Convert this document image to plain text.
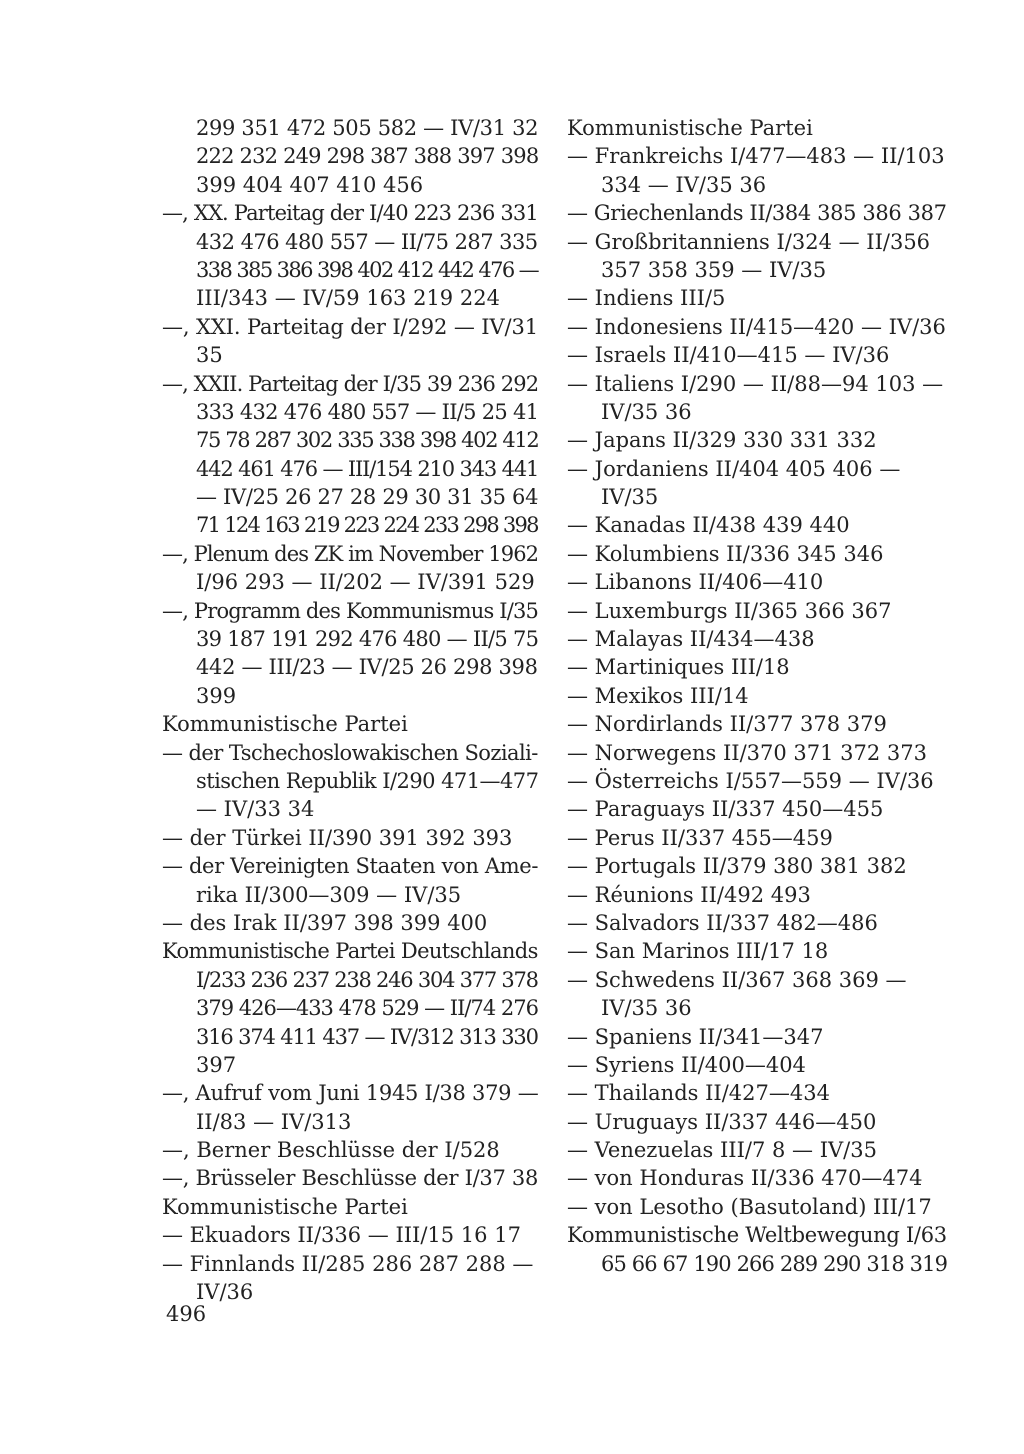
299 351 472 505 582 — IV/31 32
222 232 249 298 387 388 397 398
399 404 407 410 456
—, XX. Parteitag der I/40 223 236 331
432 476 480 557 — II/75 287 335
338 385 386 398 402 412 442 476 —
III/343 — IV/59 163 219 224
—, XXI. Parteitag der I/292 — IV/31
35
—, XXII. Parteitag der I/35 39 236 292
333 432 476 480 557 — II/5 25 41
75 78 287 302 335 338 398 402 412
442 461 476 — III/154 210 343 441
— IV/25 26 27 28 29 30 31 35 64
71 124 163 219 223 224 233 298 398
—, Plenum des ZK im November 1962
I/96 293 — II/202 — IV/391 529
—, Programm des Kommunismus I/35
39 187 191 292 476 480 — II/5 75
442 — III/23 — IV/25 26 298 398
399
Kommunistische Partei
— der Tschechoslowakischen Soziali-
stischen Republik I/290 471—477
— IV/33 34
— der Türkei II/390 391 392 393
— der Vereinigten Staaten von Ame-
rika II/300—309 — IV/35
— des Irak II/397 398 399 400
Kommunistische Partei Deutschlands
I/233 236 237 238 246 304 377 378
379 426—433 478 529 — II/74 276
316 374 411 437 — IV/312 313 330
397
—, Aufruf vom Juni 1945 I/38 379 —
II/83 — IV/313
—, Berner Beschlüsse der I/528
—, Brüsseler Beschlüsse der I/37 38
Kommunistische Partei
— Ekuadors II/336 — III/15 16 17
— Finnlands II/285 286 287 288 —
IV/36
Kommunistische Partei
— Frankreichs I/477—483 — II/103
334 — IV/35 36
— Griechenlands II/384 385 386 387
— Großbritanniens I/324 — II/356
357 358 359 — IV/35
— Indiens III/5
— Indonesiens II/415—420 — IV/36
— Israels II/410—415 — IV/36
— Italiens I/290 — II/88—94 103 —
IV/35 36
— Japans II/329 330 331 332
— Jordaniens II/404 405 406 —
IV/35
— Kanadas II/438 439 440
— Kolumbiens II/336 345 346
— Libanons II/406—410
— Luxemburgs II/365 366 367
— Malayas II/434—438
— Martiniques III/18
— Mexikos III/14
— Nordirlands II/377 378 379
— Norwegens II/370 371 372 373
— Österreichs I/557—559 — IV/36
— Paraguays II/337 450—455
— Perus II/337 455—459
— Portugals II/379 380 381 382
— Réunions II/492 493
— Salvadors II/337 482—486
— San Marinos III/17 18
— Schwedens II/367 368 369 —
IV/35 36
— Spaniens II/341—347
— Syriens II/400—404
— Thailands II/427—434
— Uruguays II/337 446—450
— Venezuelas III/7 8 — IV/35
— von Honduras II/336 470—474
— von Lesotho (Basutoland) III/17
Kommunistische Weltbewegung I/63
65 66 67 190 266 289 290 318 319
496
